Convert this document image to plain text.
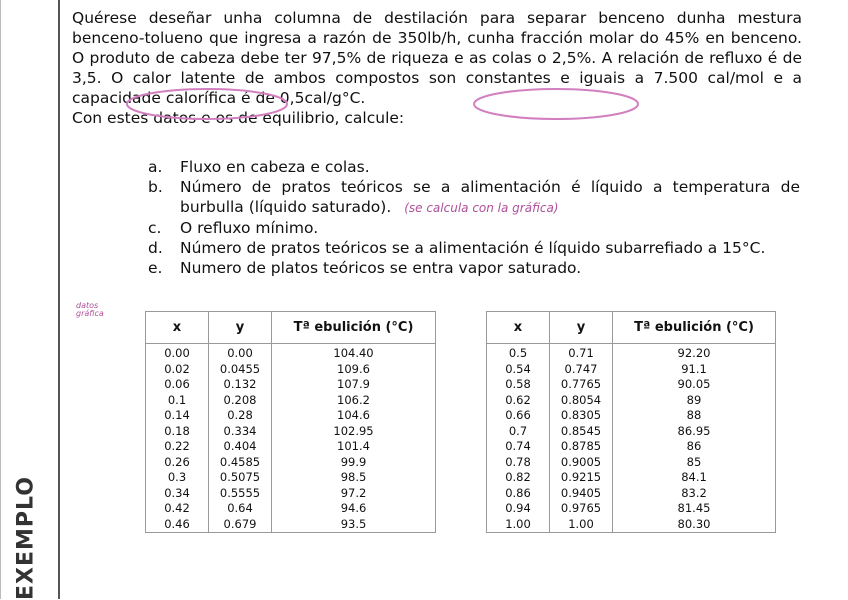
EXEMPLO

Quérese deseñar unha columna de destilación para separar benceno dunha mestura benceno-tolueno que ingresa a razón de 350lb/h, cunha fracción molar do 45% en benceno. O produto de cabeza debe ter 97,5% de riqueza e as colas o 2,5%. A relación de refluxo é de 3,5. O calor latente de ambos compostos son constantes e iguais a 7.500 cal/mol e a capacidade calorífica é de 0,5cal/g°C.

Con estes datos e os de equilibrio, calcule:

a. Fluxo en cabeza e colas.
b. Número de pratos teóricos se a alimentación é líquido a temperatura de burbulla (líquido saturado). (se calcula con la gráfica)
c. O refluxo mínimo.
d. Número de pratos teóricos se a alimentación é líquido subarrefiado a 15°C.
e. Numero de platos teóricos se entra vapor saturado.
datos gráfica
x	y	Tª ebulición (°C)
0.00	0.00	104.40
0.02	0.0455	109.6
0.06	0.132	107.9
0.1	0.208	106.2
0.14	0.28	104.6
0.18	0.334	102.95
0.22	0.404	101.4
0.26	0.4585	99.9
0.3	0.5075	98.5
0.34	0.5555	97.2
0.42	0.64	94.6
0.46	0.679	93.5
x	y	Tª ebulición (°C)
0.5	0.71	92.20
0.54	0.747	91.1
0.58	0.7765	90.05
0.62	0.8054	89
0.66	0.8305	88
0.7	0.8545	86.95
0.74	0.8785	86
0.78	0.9005	85
0.82	0.9215	84.1
0.86	0.9405	83.2
0.94	0.9765	81.45
1.00	1.00	80.30
